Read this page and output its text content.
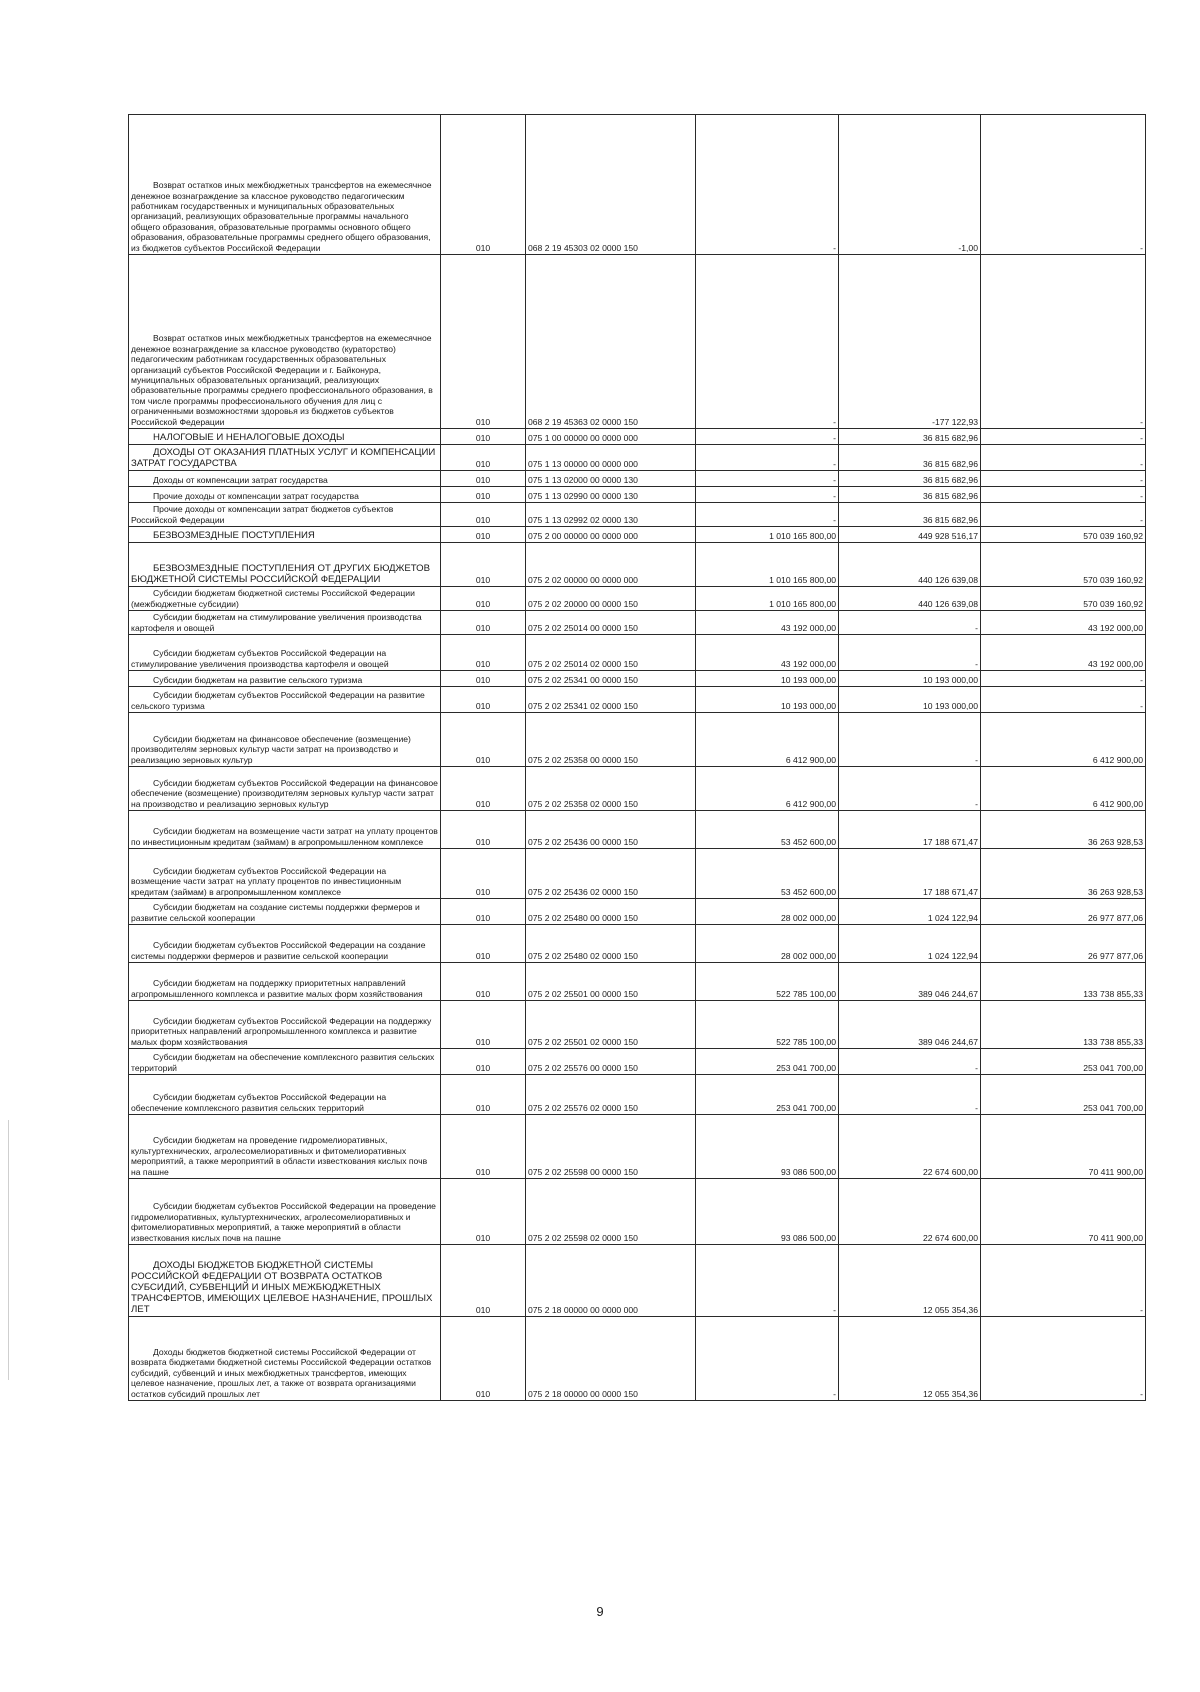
Возврат остатков иных межбюджетных трансфертов на ежемесячное денежное вознаграждение за классное руководство педагогическим работникам государственных и муниципальных образовательных организаций, реализующих образовательные программы начального общего образования, образовательные программы основного общего образования, образовательные программы среднего общего образования, из бюджетов субъектов Российской Федерации	010	068 2 19 45303 02 0000 150	-	-1,00	-
Возврат остатков иных межбюджетных трансфертов на ежемесячное денежное вознаграждение за классное руководство (кураторство) педагогическим работникам государственных образовательных организаций субъектов Российской Федерации и г. Байконура, муниципальных образовательных организаций, реализующих образовательные программы среднего профессионального образования, в том числе программы профессионального обучения для лиц с ограниченными возможностями здоровья из бюджетов субъектов Российской Федерации	010	068 2 19 45363 02 0000 150	-	-177 122,93	-
НАЛОГОВЫЕ И НЕНАЛОГОВЫЕ ДОХОДЫ	010	075 1 00 00000 00 0000 000	-	36 815 682,96	-
ДОХОДЫ ОТ ОКАЗАНИЯ ПЛАТНЫХ УСЛУГ И КОМПЕНСАЦИИ ЗАТРАТ ГОСУДАРСТВА	010	075 1 13 00000 00 0000 000	-	36 815 682,96	-
Доходы от компенсации затрат государства	010	075 1 13 02000 00 0000 130	-	36 815 682,96	-
Прочие доходы от компенсации затрат государства	010	075 1 13 02990 00 0000 130	-	36 815 682,96	-
Прочие доходы от компенсации затрат бюджетов субъектов Российской Федерации	010	075 1 13 02992 02 0000 130	-	36 815 682,96	-
БЕЗВОЗМЕЗДНЫЕ ПОСТУПЛЕНИЯ	010	075 2 00 00000 00 0000 000	1 010 165 800,00	449 928 516,17	570 039 160,92
БЕЗВОЗМЕЗДНЫЕ ПОСТУПЛЕНИЯ ОТ ДРУГИХ БЮДЖЕТОВ БЮДЖЕТНОЙ СИСТЕМЫ РОССИЙСКОЙ ФЕДЕРАЦИИ	010	075 2 02 00000 00 0000 000	1 010 165 800,00	440 126 639,08	570 039 160,92
Субсидии бюджетам бюджетной системы Российской Федерации (межбюджетные субсидии)	010	075 2 02 20000 00 0000 150	1 010 165 800,00	440 126 639,08	570 039 160,92
Субсидии бюджетам на стимулирование увеличения производства картофеля и овощей	010	075 2 02 25014 00 0000 150	43 192 000,00	-	43 192 000,00
Субсидии бюджетам субъектов Российской Федерации на стимулирование увеличения производства картофеля и овощей	010	075 2 02 25014 02 0000 150	43 192 000,00	-	43 192 000,00
Субсидии бюджетам на развитие сельского туризма	010	075 2 02 25341 00 0000 150	10 193 000,00	10 193 000,00	-
Субсидии бюджетам субъектов Российской Федерации на развитие сельского туризма	010	075 2 02 25341 02 0000 150	10 193 000,00	10 193 000,00	-
Субсидии бюджетам на финансовое обеспечение (возмещение) производителям зерновых культур части затрат на производство и реализацию зерновых культур	010	075 2 02 25358 00 0000 150	6 412 900,00	-	6 412 900,00
Субсидии бюджетам субъектов Российской Федерации на финансовое обеспечение (возмещение) производителям зерновых культур части затрат на производство и реализацию зерновых культур	010	075 2 02 25358 02 0000 150	6 412 900,00	-	6 412 900,00
Субсидии бюджетам на возмещение части затрат на уплату процентов по инвестиционным кредитам (займам) в агропромышленном комплексе	010	075 2 02 25436 00 0000 150	53 452 600,00	17 188 671,47	36 263 928,53
Субсидии бюджетам субъектов Российской Федерации на возмещение части затрат на уплату процентов по инвестиционным кредитам (займам) в агропромышленном комплексе	010	075 2 02 25436 02 0000 150	53 452 600,00	17 188 671,47	36 263 928,53
Субсидии бюджетам на создание системы поддержки фермеров и развитие сельской кооперации	010	075 2 02 25480 00 0000 150	28 002 000,00	1 024 122,94	26 977 877,06
Субсидии бюджетам субъектов Российской Федерации на создание системы поддержки фермеров и развитие сельской кооперации	010	075 2 02 25480 02 0000 150	28 002 000,00	1 024 122,94	26 977 877,06
Субсидии бюджетам на поддержку приоритетных направлений агропромышленного комплекса и развитие малых форм хозяйствования	010	075 2 02 25501 00 0000 150	522 785 100,00	389 046 244,67	133 738 855,33
Субсидии бюджетам субъектов Российской Федерации на поддержку приоритетных направлений агропромышленного комплекса и развитие малых форм хозяйствования	010	075 2 02 25501 02 0000 150	522 785 100,00	389 046 244,67	133 738 855,33
Субсидии бюджетам на обеспечение комплексного развития сельских территорий	010	075 2 02 25576 00 0000 150	253 041 700,00	-	253 041 700,00
Субсидии бюджетам субъектов Российской Федерации на обеспечение комплексного развития сельских территорий	010	075 2 02 25576 02 0000 150	253 041 700,00	-	253 041 700,00
Субсидии бюджетам на проведение гидромелиоративных, культуртехнических, агролесомелиоративных и фитомелиоративных мероприятий, а также мероприятий в области известкования кислых почв на пашне	010	075 2 02 25598 00 0000 150	93 086 500,00	22 674 600,00	70 411 900,00
Субсидии бюджетам субъектов Российской Федерации на проведение гидромелиоративных, культуртехнических, агролесомелиоративных и фитомелиоративных мероприятий, а также мероприятий в области известкования кислых почв на пашне	010	075 2 02 25598 02 0000 150	93 086 500,00	22 674 600,00	70 411 900,00
ДОХОДЫ БЮДЖЕТОВ БЮДЖЕТНОЙ СИСТЕМЫ РОССИЙСКОЙ ФЕДЕРАЦИИ ОТ ВОЗВРАТА ОСТАТКОВ СУБСИДИЙ, СУБВЕНЦИЙ И ИНЫХ МЕЖБЮДЖЕТНЫХ ТРАНСФЕРТОВ, ИМЕЮЩИХ ЦЕЛЕВОЕ НАЗНАЧЕНИЕ, ПРОШЛЫХ ЛЕТ	010	075 2 18 00000 00 0000 000	-	12 055 354,36	-
Доходы бюджетов бюджетной системы Российской Федерации от возврата бюджетами бюджетной системы Российской Федерации остатков субсидий, субвенций и иных межбюджетных трансфертов, имеющих целевое назначение, прошлых лет, а также от возврата организациями остатков субсидий прошлых лет	010	075 2 18 00000 00 0000 150	-	12 055 354,36	-
9
